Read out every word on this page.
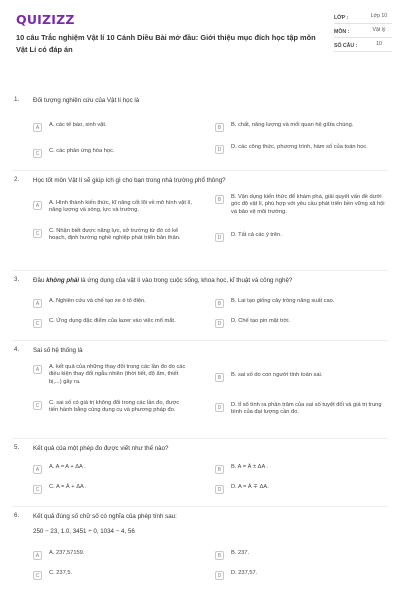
QUIZIZZ
10 câu Trắc nghiệm Vật lí 10 Cánh Diều Bài mở đầu: Giới thiệu mục đích học tập môn Vật Lí có đáp án
LỚP :	Lớp 10
MÔN :	Vật lý
SỐ CÂU :	10
1. Đối tượng nghiên cứu của Vật lí học là
A	A. các tế bào, sinh vật.	B	B. chất, năng lượng và mối quan hệ giữa chúng.
C	C. các phản ứng hóa học.	D	D. các công thức, phương trình, hàm số của toán học.
2. Học tốt môn Vật lí sẽ giúp ích gì cho bạn trong nhà trường phổ thông?
A	A. Hình thành kiến thức, kĩ năng cốt lõi về mô hình vật lí, năng lượng và sóng, lực và trường.
B	B. Vận dụng kiến thức để khám phá, giải quyết vấn đề dưới góc độ vật lí, phù hợp với yêu cầu phát triển bền vững xã hội và bảo vệ môi trường.
C	C. Nhận biết được năng lực, sở trường từ đó có kế hoạch, định hướng nghề nghiệp phát triển bản thân.	D	D. Tất cả các ý trên.
3. Đâu không phải là ứng dụng của vật lí vào trong cuộc sống, khoa học, kĩ thuật và công nghệ?
A	A. Nghiên cứu và chế tạo xe ô tô điện.	B	B. Lai tạo giống cây trồng năng suất cao.
C	C. Ứng dụng đặc điểm của lazer vào việc mổ mắt.	D	D. Chế tạo pin mặt trời.
4. Sai số hệ thống là
A	A. kết quả của những thay đổi trong các lần đo do các điều kiện thay đổi ngẫu nhiên (thời tiết, độ ẩm, thiết bị,...) gây ra.
B	B. sai số do con người tính toán sai.
C	C. sai số có giá trị không đổi trong các lần đo, được tiến hành bằng cùng dụng cụ và phương pháp đo.	D	D. tỉ số tính ra phần trăm của sai số tuyệt đối và giá trị trung bình của đại lượng cần đo.
5. Kết quả của một phép đo được viết như thế nào?
A	A. A = A + ΔA .	B	B. A = Ā ± ΔA .
C	C. A = Ā + ΔA .	D	D. A = Ā ∓ ΔA.
6. Kết quả đúng số chữ số có nghĩa của phép tính sau:
250 − 23, 1.0, 3451 ÷ 0, 1034 − 4, 56
A	A. 237,57159.	B	B. 237.
C	C. 237,5.	D	D. 237,57.
